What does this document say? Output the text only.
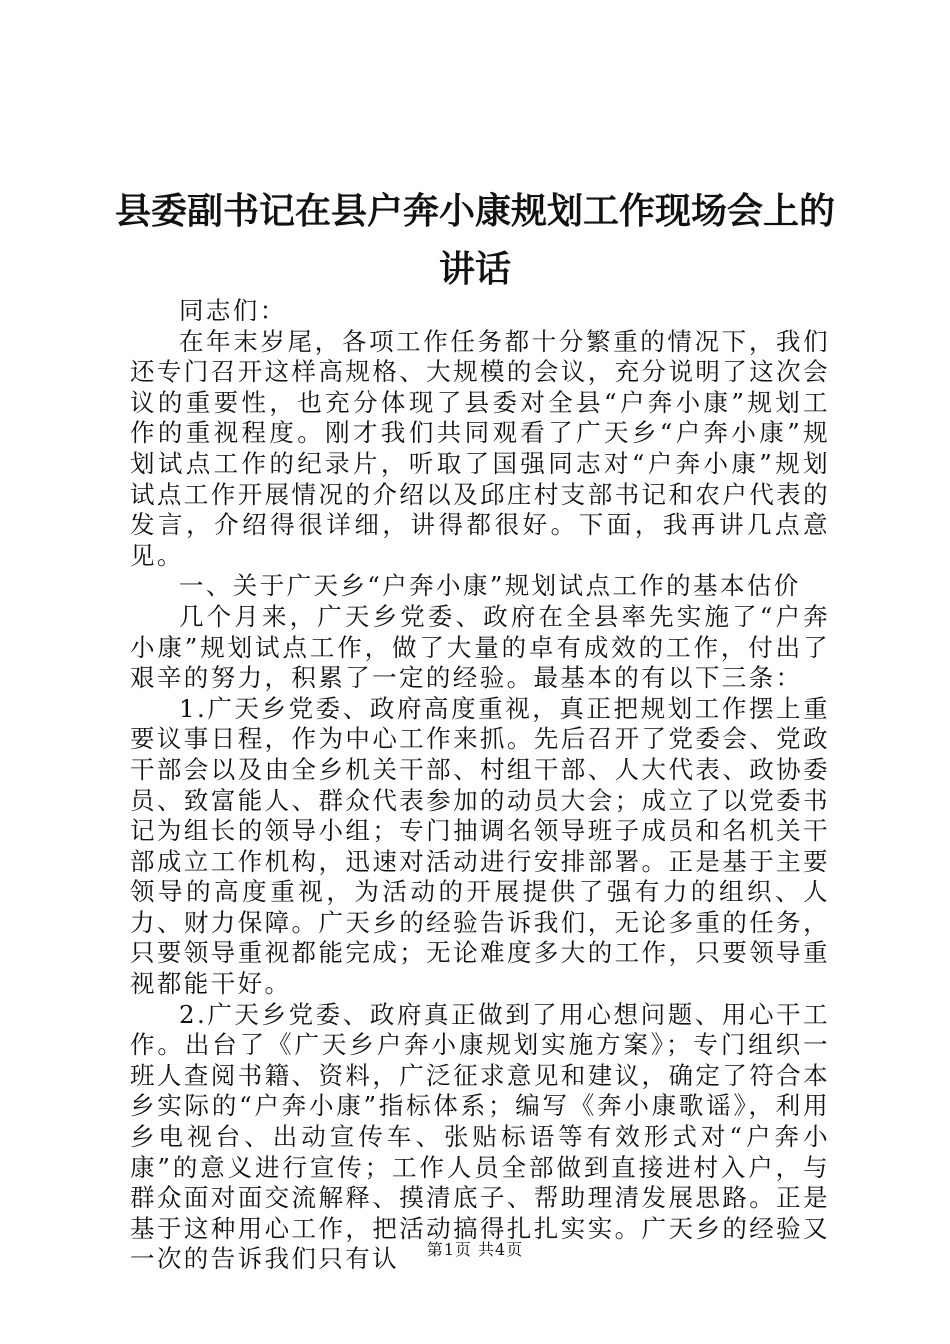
县委副书记在县户奔小康规划工作现场会上的
讲话

同志们：

在年末岁尾，各项工作任务都十分繁重的情况下，我们还专门召开这样高规格、大规模的会议，充分说明了这次会议的重要性，也充分体现了县委对全县“户奔小康”规划工作的重视程度。刚才我们共同观看了广天乡“户奔小康”规划试点工作的纪录片，听取了国强同志对“户奔小康”规划试点工作开展情况的介绍以及邱庄村支部书记和农户代表的发言，介绍得很详细，讲得都很好。下面，我再讲几点意见。

一、关于广天乡“户奔小康”规划试点工作的基本估价

几个月来，广天乡党委、政府在全县率先实施了“户奔小康”规划试点工作，做了大量的卓有成效的工作，付出了艰辛的努力，积累了一定的经验。最基本的有以下三条：

1.广天乡党委、政府高度重视，真正把规划工作摆上重要议事日程，作为中心工作来抓。先后召开了党委会、党政干部会以及由全乡机关干部、村组干部、人大代表、政协委员、致富能人、群众代表参加的动员大会；成立了以党委书记为组长的领导小组；专门抽调名领导班子成员和名机关干部成立工作机构，迅速对活动进行安排部署。正是基于主要领导的高度重视，为活动的开展提供了强有力的组织、人力、财力保障。广天乡的经验告诉我们，无论多重的任务，只要领导重视都能完成；无论难度多大的工作，只要领导重视都能干好。

2.广天乡党委、政府真正做到了用心想问题、用心干工作。出台了《广天乡户奔小康规划实施方案》；专门组织一班人查阅书籍、资料，广泛征求意见和建议，确定了符合本乡实际的“户奔小康”指标体系；编写《奔小康歌谣》，利用乡电视台、出动宣传车、张贴标语等有效形式对“户奔小康”的意义进行宣传；工作人员全部做到直接进村入户，与群众面对面交流解释、摸清底子、帮助理清发展思路。正是基于这种用心工作，把活动搞得扎扎实实。广天乡的经验又一次的告诉我们只有认	第1页 共4页
